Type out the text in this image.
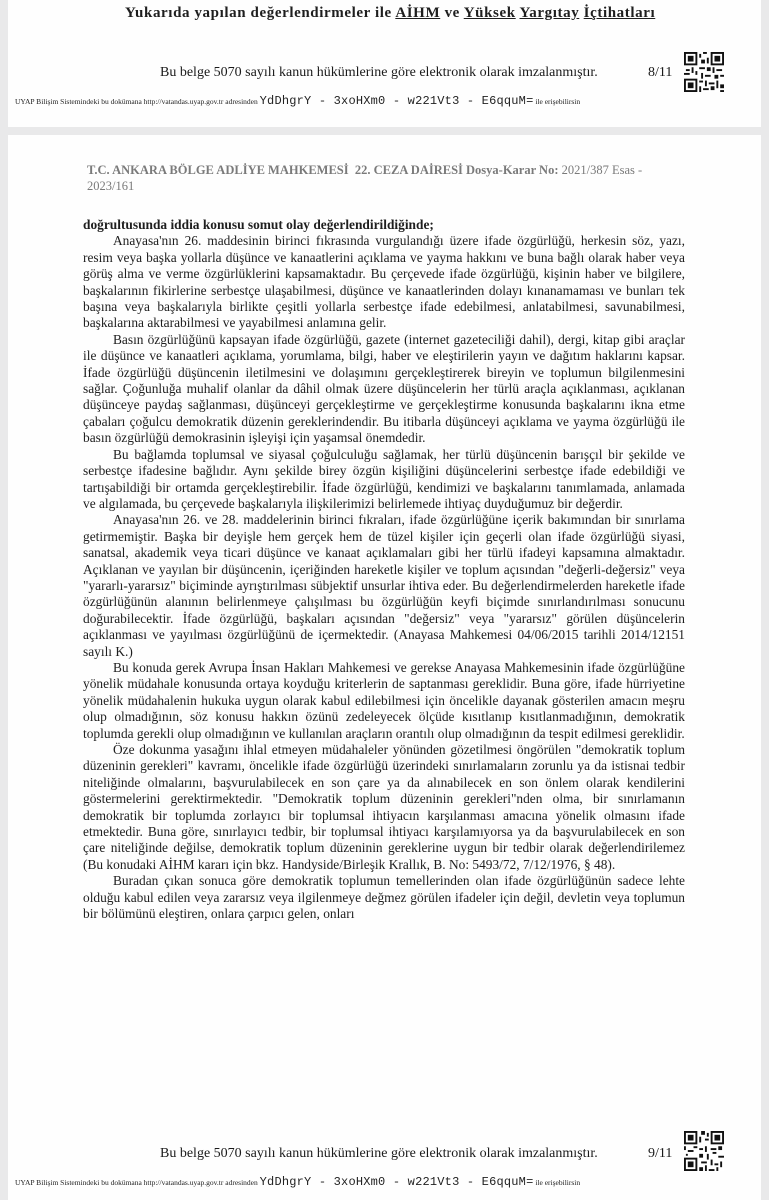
Yukarıda yapılan değerlendirmeler ile AİHM ve Yüksek Yargıtay İçtihatları
Bu belge 5070 sayılı kanun hükümlerine göre elektronik olarak imzalanmıştır.	8/11
UYAP Bilişim Sistemindeki bu dokümana http://vatandas.uyap.gov.tr adresinden YdDhgrY - 3xoHXm0 - w221Vt3 - E6qquM= ile erişebilirsin
T.C. ANKARA BÖLGE ADLİYE MAHKEMESİ 22. CEZA DAİRESİ Dosya-Karar No: 2021/387 Esas -
2023/161

doğrultusunda iddia konusu somut olay değerlendirildiğinde;

Anayasa'nın 26. maddesinin birinci fıkrasında vurgulandığı üzere ifade özgürlüğü, herkesin söz, yazı, resim veya başka yollarla düşünce ve kanaatlerini açıklama ve yayma hakkını ve buna bağlı olarak haber veya görüş alma ve verme özgürlüklerini kapsamaktadır. Bu çerçevede ifade özgürlüğü, kişinin haber ve bilgilere, başkalarının fikirlerine serbestçe ulaşabilmesi, düşünce ve kanaatlerinden dolayı kınanamaması ve bunları tek başına veya başkalarıyla birlikte çeşitli yollarla serbestçe ifade edebilmesi, anlatabilmesi, savunabilmesi, başkalarına aktarabilmesi ve yayabilmesi anlamına gelir.

Basın özgürlüğünü kapsayan ifade özgürlüğü, gazete (internet gazeteciliği dahil), dergi, kitap gibi araçlar ile düşünce ve kanaatleri açıklama, yorumlama, bilgi, haber ve eleştirilerin yayın ve dağıtım haklarını kapsar. İfade özgürlüğü düşüncenin iletilmesini ve dolaşımını gerçekleştirerek bireyin ve toplumun bilgilenmesini sağlar. Çoğunluğa muhalif olanlar da dâhil olmak üzere düşüncelerin her türlü araçla açıklanması, açıklanan düşünceye paydaş sağlanması, düşünceyi gerçekleştirme ve gerçekleştirme konusunda başkalarını ikna etme çabaları çoğulcu demokratik düzenin gereklerindendir. Bu itibarla düşünceyi açıklama ve yayma özgürlüğü ile basın özgürlüğü demokrasinin işleyişi için yaşamsal önemdedir.

Bu bağlamda toplumsal ve siyasal çoğulculuğu sağlamak, her türlü düşüncenin barışçıl bir şekilde ve serbestçe ifadesine bağlıdır. Aynı şekilde birey özgün kişiliğini düşüncelerini serbestçe ifade edebildiği ve tartışabildiği bir ortamda gerçekleştirebilir. İfade özgürlüğü, kendimizi ve başkalarını tanımlamada, anlamada ve algılamada, bu çerçevede başkalarıyla ilişkilerimizi belirlemede ihtiyaç duyduğumuz bir değerdir.

Anayasa'nın 26. ve 28. maddelerinin birinci fıkraları, ifade özgürlüğüne içerik bakımından bir sınırlama getirmemiştir. Başka bir deyişle hem gerçek hem de tüzel kişiler için geçerli olan ifade özgürlüğü siyasi, sanatsal, akademik veya ticari düşünce ve kanaat açıklamaları gibi her türlü ifadeyi kapsamına almaktadır. Açıklanan ve yayılan bir düşüncenin, içeriğinden hareketle kişiler ve toplum açısından "değerli-değersiz" veya "yararlı-yararsız" biçiminde ayrıştırılması sübjektif unsurlar ihtiva eder. Bu değerlendirmelerden hareketle ifade özgürlüğünün alanının belirlenmeye çalışılması bu özgürlüğün keyfi biçimde sınırlandırılması sonucunu doğurabilecektir. İfade özgürlüğü, başkaları açısından "değersiz" veya "yararsız" görülen düşüncelerin açıklanması ve yayılması özgürlüğünü de içermektedir. (Anayasa Mahkemesi 04/06/2015 tarihli 2014/12151 sayılı K.)

Bu konuda gerek Avrupa İnsan Hakları Mahkemesi ve gerekse Anayasa Mahkemesinin ifade özgürlüğüne yönelik müdahale konusunda ortaya koyduğu kriterlerin de saptanması gereklidir. Buna göre, ifade hürriyetine yönelik müdahalenin hukuka uygun olarak kabul edilebilmesi için öncelikle dayanak gösterilen amacın meşru olup olmadığının, söz konusu hakkın özünü zedeleyecek ölçüde kısıtlanıp kısıtlanmadığının, demokratik toplumda gerekli olup olmadığının ve kullanılan araçların orantılı olup olmadığının da tespit edilmesi gereklidir.

Öze dokunma yasağını ihlal etmeyen müdahaleler yönünden gözetilmesi öngörülen "demokratik toplum düzeninin gerekleri" kavramı, öncelikle ifade özgürlüğü üzerindeki sınırlamaların zorunlu ya da istisnai tedbir niteliğinde olmalarını, başvurulabilecek en son çare ya da alınabilecek en son önlem olarak kendilerini göstermelerini gerektirmektedir. "Demokratik toplum düzeninin gerekleri"nden olma, bir sınırlamanın demokratik bir toplumda zorlayıcı bir toplumsal ihtiyacın karşılanması amacına yönelik olmasını ifade etmektedir. Buna göre, sınırlayıcı tedbir, bir toplumsal ihtiyacı karşılamıyorsa ya da başvurulabilecek en son çare niteliğinde değilse, demokratik toplum düzeninin gereklerine uygun bir tedbir olarak değerlendirilemez (Bu konudaki AİHM kararı için bkz. Handyside/Birleşik Krallık, B. No: 5493/72, 7/12/1976, § 48).

Buradan çıkan sonuca göre demokratik toplumun temellerinden olan ifade özgürlüğünün sadece lehte olduğu kabul edilen veya zararsız veya ilgilenmeye değmez görülen ifadeler için değil, devletin veya toplumun bir bölümünü eleştiren, onlara çarpıcı gelen, onları

Bu belge 5070 sayılı kanun hükümlerine göre elektronik olarak imzalanmıştır.	9/11
UYAP Bilişim Sistemindeki bu dokümana http://vatandas.uyap.gov.tr adresinden YdDhgrY - 3xoHXm0 - w221Vt3 - E6qquM= ile erişebilirsin
